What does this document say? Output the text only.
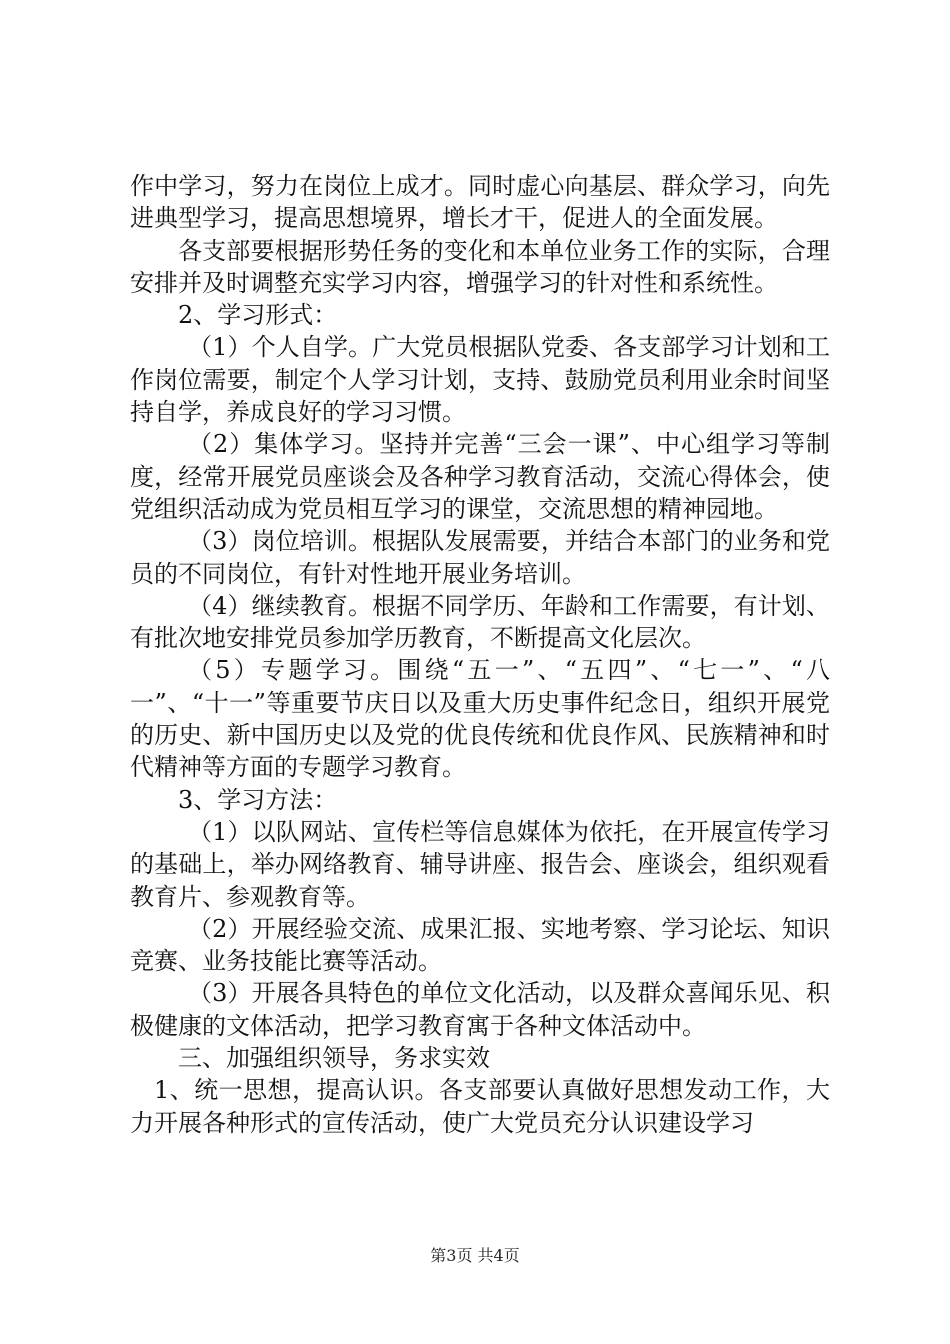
作中学习，努力在岗位上成才。同时虚心向基层、群众学习，向先进典型学习，提高思想境界，增长才干，促进人的全面发展。

各支部要根据形势任务的变化和本单位业务工作的实际，合理安排并及时调整充实学习内容，增强学习的针对性和系统性。

2、学习形式：

（1）个人自学。广大党员根据队党委、各支部学习计划和工作岗位需要，制定个人学习计划，支持、鼓励党员利用业余时间坚持自学，养成良好的学习习惯。

（2）集体学习。坚持并完善“三会一课”、中心组学习等制度，经常开展党员座谈会及各种学习教育活动，交流心得体会，使党组织活动成为党员相互学习的课堂，交流思想的精神园地。

（3）岗位培训。根据队发展需要，并结合本部门的业务和党员的不同岗位，有针对性地开展业务培训。

（4）继续教育。根据不同学历、年龄和工作需要，有计划、有批次地安排党员参加学历教育，不断提高文化层次。

（5）专题学习。围绕“五一”、“五四”、“七一”、“八一”、“十一”等重要节庆日以及重大历史事件纪念日，组织开展党的历史、新中国历史以及党的优良传统和优良作风、民族精神和时代精神等方面的专题学习教育。

3、学习方法：

（1）以队网站、宣传栏等信息媒体为依托，在开展宣传学习的基础上，举办网络教育、辅导讲座、报告会、座谈会，组织观看教育片、参观教育等。

（2）开展经验交流、成果汇报、实地考察、学习论坛、知识竞赛、业务技能比赛等活动。

（3）开展各具特色的单位文化活动，以及群众喜闻乐见、积极健康的文体活动，把学习教育寓于各种文体活动中。

三、加强组织领导，务求实效

1、统一思想，提高认识。各支部要认真做好思想发动工作，大力开展各种形式的宣传活动，使广大党员充分认识建设学习

第3页 共4页
